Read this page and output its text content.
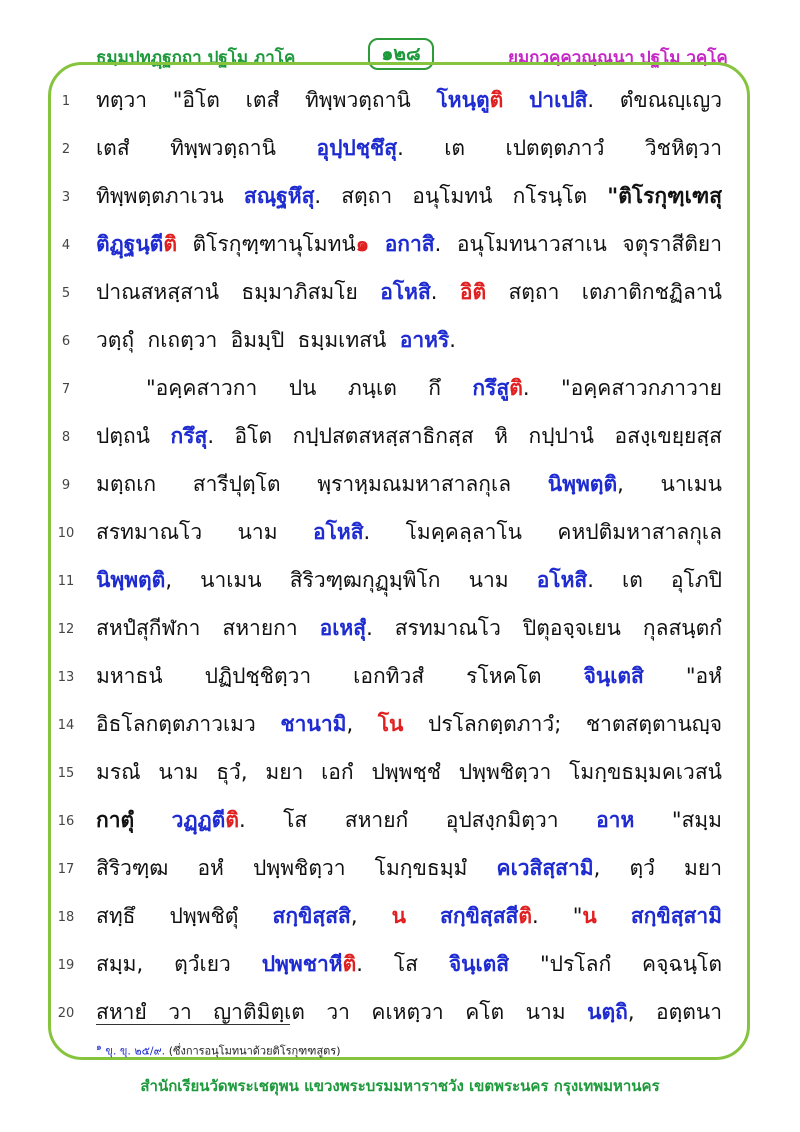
ธมฺมปทฏฺฐกถา ปฐโม ภาโค	๑๒๘	ยมกวคฺควณฺณนา ปฐโม วคฺโค
1	ทตฺวา  "อิโต  เตสํ  ทิพฺพวตฺถานิ  โหนฺตูติ ปาเปสิ.  ตํขณญฺเญว
2	เตสํ  ทิพฺพวตฺถานิ  อุปฺปชฺชึสุ.  เต  เปตตฺตภาวํ  วิชหิตฺวา
3	ทิพฺพตฺตภาเวน  สณฺฐหึสุ.  สตฺถา  อนุโมทนํ  กโรนฺโต  "ติโรกุฑฺเฑสุ
4	ติฏฺฐนฺตีติ  ติโรกุฑฺฑานุโมทนํ๑ อกาสิ.  อนุโมทนาวสาเน  จตุราสีติยา
5	ปาณสหสฺสานํ  ธมฺมาภิสมโย  อโหสิ.  อิติ  สตฺถา  เตภาติกชฏิลานํ
6	วตฺถุํ  กเถตฺวา  อิมมฺปิ  ธมฺมเทสนํ  อาหริ.
7	"อคฺคสาวกา  ปน  ภนฺเต  กึ  กรึสูติ.  "อคฺคสาวกภาวาย
8	ปตฺถนํ  กรึสุ.  อิโต  กปฺปสตสหสฺสาธิกสฺส  หิ  กปฺปานํ  อสงฺเขยฺยสฺส
9	มตฺถเก  สารีปุตฺโต  พฺราหฺมณมหาสาลกุเล  นิพฺพตฺติ,  นาเมน
10	สรทมาณโว  นาม  อโหสิ.  โมคฺคลฺลาโน  คหปติมหาสาลกุเล
11	นิพฺพตฺติ,  นาเมน  สิริวฑฺฒกุฏุมฺพิโก  นาม  อโหสิ.  เต  อุโภปิ
12	สหปํสุกีฬกา  สหายกา  อเหสุํ.  สรทมาณโว  ปิตุอจฺจเยน  กุลสนฺตกํ
13	มหาธนํ  ปฏิปชฺชิตฺวา  เอกทิวสํ  รโหคโต  จินฺเตสิ  "อหํ
14	อิธโลกตฺตภาวเมว  ชานามิ,  โน  ปรโลกตฺตภาวํ;  ชาตสตฺตานญฺจ
15	มรณํ  นาม  ธุวํ,  มยา  เอกํ  ปพฺพชฺชํ  ปพฺพชิตฺวา  โมกฺขธมฺมคเวสนํ
16	กาตุํ วฏฺฏตีติ.  โส  สหายกํ  อุปสงฺกมิตฺวา  อาห  "สมฺม
17	สิริวฑฺฒ  อหํ  ปพฺพชิตฺวา  โมกฺขธมฺมํ  คเวสิสฺสามิ,  ตฺวํ  มยา
18	สทฺธึ  ปพฺพชิตุํ  สกฺขิสฺสสิ,  น สกฺขิสฺสสีติ.  "น สกฺขิสฺสามิ
19	สมฺม,  ตฺวํเยว  ปพฺพชาหีติ.  โส  จินฺเตสิ  "ปรโลกํ  คจฺฉนฺโต
20	สหายํ  วา  ญาติมิตฺเต  วา  คเหตฺวา  คโต  นาม  นตฺถิ,  อตฺตนา
$^๑$ ขุ. ขุ. ๒๕/๙. (ซึ่งการอนุโมทนาด้วยติโรกุฑฑสูตร)
สำนักเรียนวัดพระเชตุพน แขวงพระบรมมหาราชวัง เขตพระนคร กรุงเทพมหานคร
